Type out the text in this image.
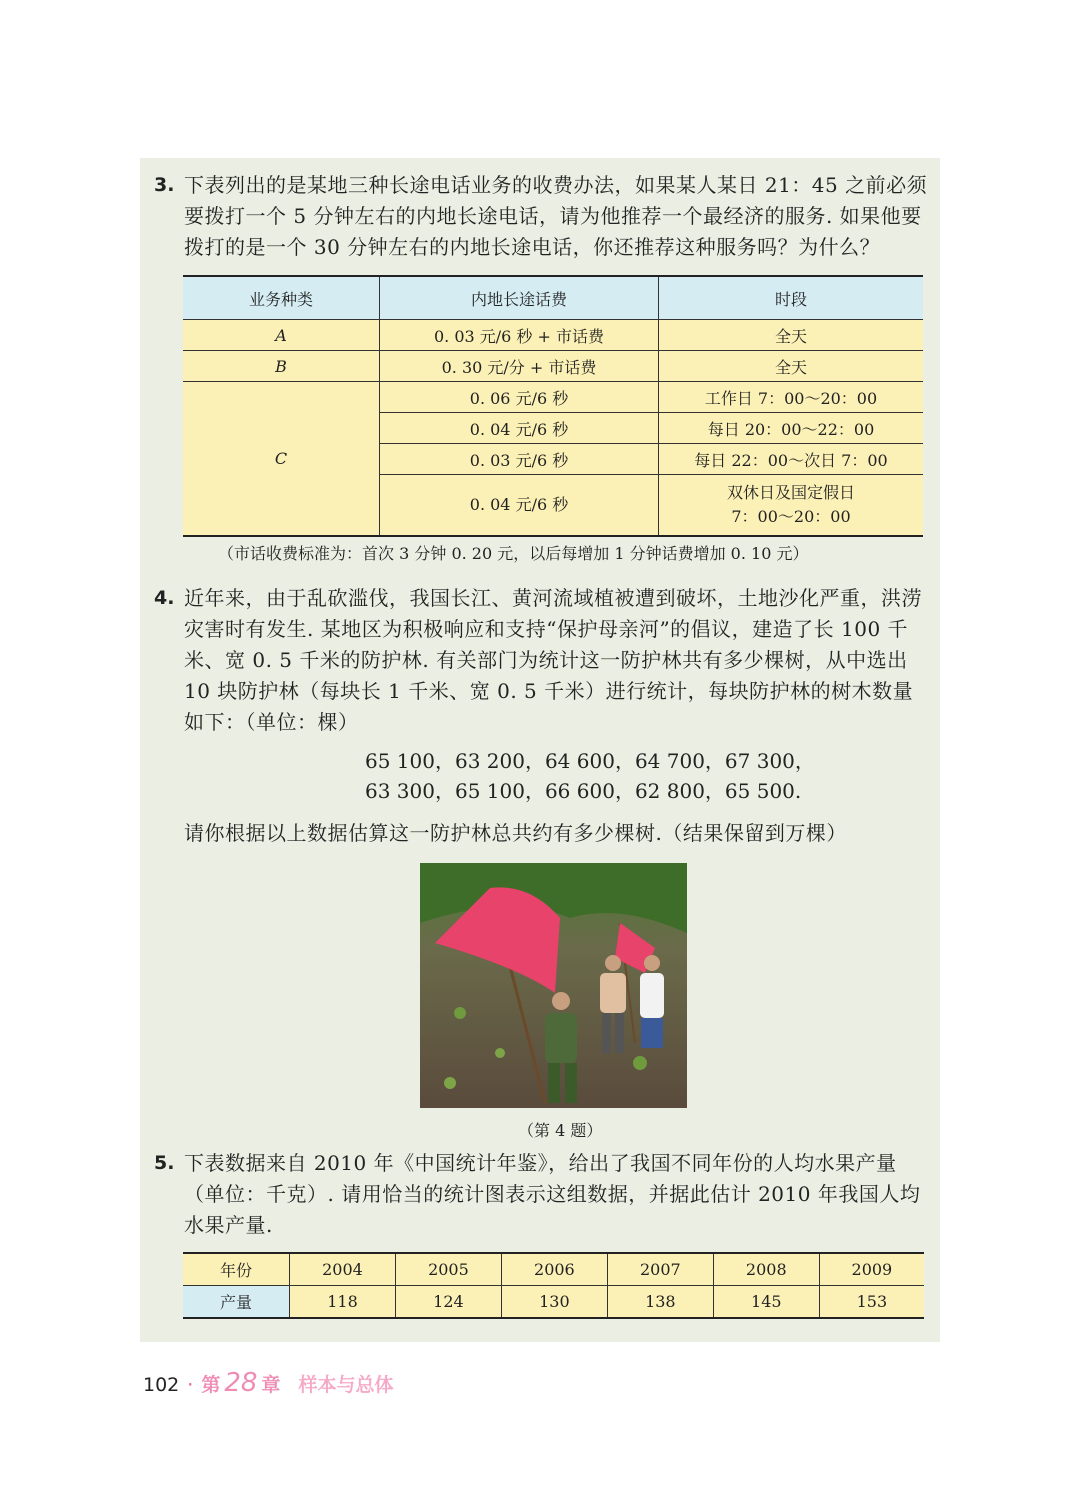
3. 下表列出的是某地三种长途电话业务的收费办法，如果某人某日 21：45 之前必须要拨打一个 5 分钟左右的内地长途电话，请为他推荐一个最经济的服务. 如果他要拨打的是一个 30 分钟左右的内地长途电话，你还推荐这种服务吗？为什么？
业务种类	内地长途话费	时段
A	0. 03 元/6 秒 + 市话费	全天
B	0. 30 元/分 + 市话费	全天
C	0. 06 元/6 秒	工作日 7：00～20：00
	0. 04 元/6 秒	每日 20：00～22：00
	0. 03 元/6 秒	每日 22：00～次日 7：00
	0. 04 元/6 秒	双休日及国定假日
7：00～20：00
（市话收费标准为：首次 3 分钟 0. 20 元，以后每增加 1 分钟话费增加 0. 10 元）
4. 近年来，由于乱砍滥伐，我国长江、黄河流域植被遭到破坏，土地沙化严重，洪涝灾害时有发生. 某地区为积极响应和支持“保护母亲河”的倡议，建造了长 100 千米、宽 0. 5 千米的防护林. 有关部门为统计这一防护林共有多少棵树，从中选出 10 块防护林（每块长 1 千米、宽 0. 5 千米）进行统计，每块防护林的树木数量如下：（单位：棵）
65 100，63 200，64 600，64 700，67 300，
63 300，65 100，66 600，62 800，65 500.
请你根据以上数据估算这一防护林总共约有多少棵树.（结果保留到万棵）
（第 4 题）
5. 下表数据来自 2010 年《中国统计年鉴》，给出了我国不同年份的人均水果产量（单位：千克）. 请用恰当的统计图表示这组数据，并据此估计 2010 年我国人均水果产量.
年份	2004	2005	2006	2007	2008	2009
产量	118	124	130	138	145	153
102 · 第 28 章 样本与总体
